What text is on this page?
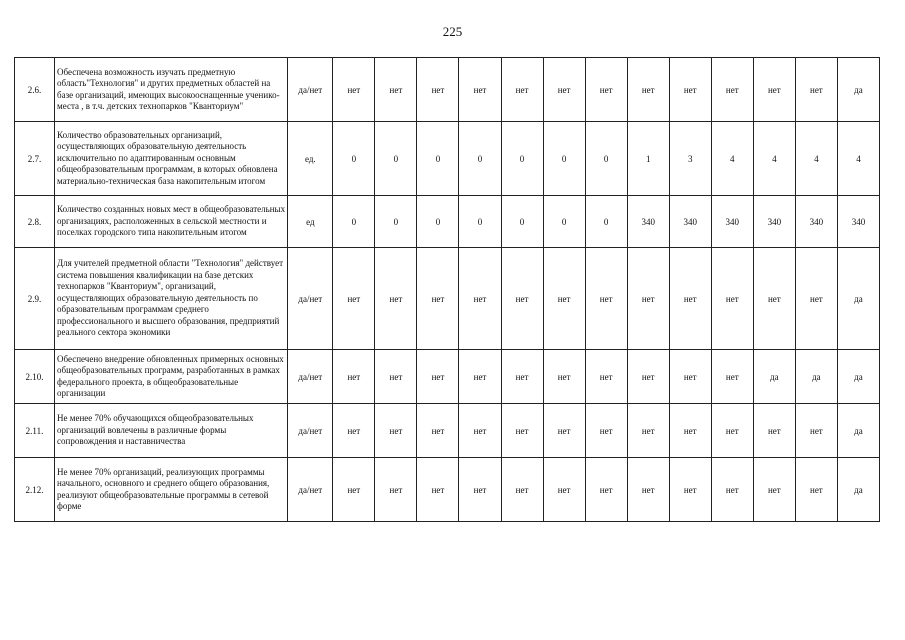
225
2.6.	Обеспечена возможность изучать предметную область"Технология" и других предметных областей на базе организаций, имеющих высокооснащенные ученико-места , в т.ч. детских технопарков "Кванториум"	да/нет	нет	нет	нет	нет	нет	нет	нет	нет	нет	нет	нет	нет	да
2.7.	Количество образовательных организаций, осуществляющих образовательную деятельность исключительно по адаптированным основным общеобразовательным программам, в которых обновлена материально-техническая база накопительным итогом	ед.	0	0	0	0	0	0	0	1	3	4	4	4	4
2.8.	Количество созданных новых мест в общеобразовательных организациях, расположенных в сельской местности и поселках городского типа накопительным итогом	ед	0	0	0	0	0	0	0	340	340	340	340	340	340
2.9.	Для учителей предметной области "Технология" действует система повышения квалификации на базе детских технопарков "Кванториум", организаций, осуществляющих образовательную деятельность по образовательным программам среднего профессионального и высшего образования, предприятий реального сектора экономики	да/нет	нет	нет	нет	нет	нет	нет	нет	нет	нет	нет	нет	нет	да
2.10.	Обеспечено внедрение обновленных примерных основных общеобразовательных программ, разработанных в рамках федерального проекта, в общеобразовательные организации	да/нет	нет	нет	нет	нет	нет	нет	нет	нет	нет	нет	да	да	да
2.11.	Не менее 70% обучающихся общеобразовательных организаций вовлечены в различные формы сопровождения и наставничества	да/нет	нет	нет	нет	нет	нет	нет	нет	нет	нет	нет	нет	нет	да
2.12.	Не менее 70% организаций, реализующих программы начального, основного и среднего общего образования, реализуют общеобразовательные программы в сетевой форме	да/нет	нет	нет	нет	нет	нет	нет	нет	нет	нет	нет	нет	нет	да
